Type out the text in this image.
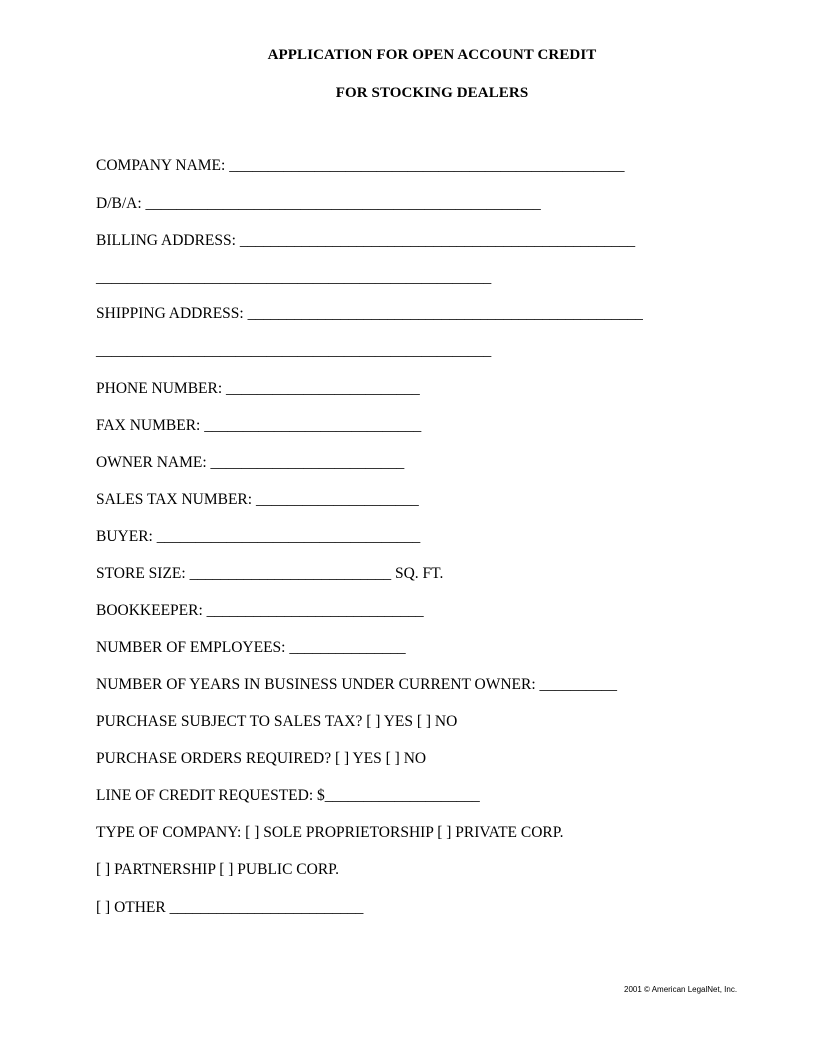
APPLICATION FOR OPEN ACCOUNT CREDIT
FOR STOCKING DEALERS
COMPANY NAME: ___________________________________________________
D/B/A: ___________________________________________________
BILLING ADDRESS: ___________________________________________________
___________________________________________________
SHIPPING ADDRESS: ___________________________________________________
___________________________________________________
PHONE NUMBER: _________________________
FAX NUMBER: ____________________________
OWNER NAME: _________________________
SALES TAX NUMBER: _____________________
BUYER: __________________________________
STORE SIZE: __________________________ SQ. FT.
BOOKKEEPER: ____________________________
NUMBER OF EMPLOYEES: _______________
NUMBER OF YEARS IN BUSINESS UNDER CURRENT OWNER: __________
PURCHASE SUBJECT TO SALES TAX? [ ] YES [ ] NO
PURCHASE ORDERS REQUIRED? [ ] YES [ ] NO
LINE OF CREDIT REQUESTED: $____________________
TYPE OF COMPANY: [ ] SOLE PROPRIETORSHIP [ ] PRIVATE CORP.
[ ] PARTNERSHIP [ ] PUBLIC CORP.
[ ] OTHER _________________________
2001 © American LegalNet, Inc.
